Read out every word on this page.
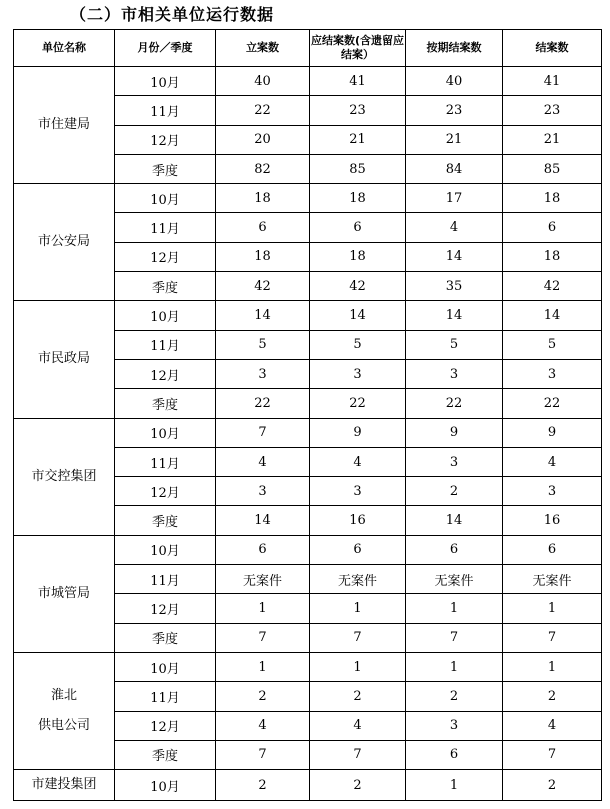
（二）市相关单位运行数据
单位名称	月份／季度	立案数	应结案数(含遗留应结案）	按期结案数	结案数

市住建局	10月	40	41	40	41
	11月	22	23	23	23
	12月	20	21	21	21
	季度	82	85	84	85

市公安局	10月	18	18	17	18
	11月	6	6	4	6
	12月	18	18	14	18
	季度	42	42	35	42

市民政局	10月	14	14	14	14
	11月	5	5	5	5
	12月	3	3	3	3
	季度	22	22	22	22

市交控集团	10月	7	9	9	9
	11月	4	4	3	4
	12月	3	3	2	3
	季度	14	16	14	16

市城管局	10月	6	6	6	6
	11月	无案件	无案件	无案件	无案件
	12月	1	1	1	1
	季度	7	7	7	7

淮北
供电公司	10月	1	1	1	1
	11月	2	2	2	2
	12月	4	4	3	4
	季度	7	7	6	7

市建投集团	10月	2	2	1	2
